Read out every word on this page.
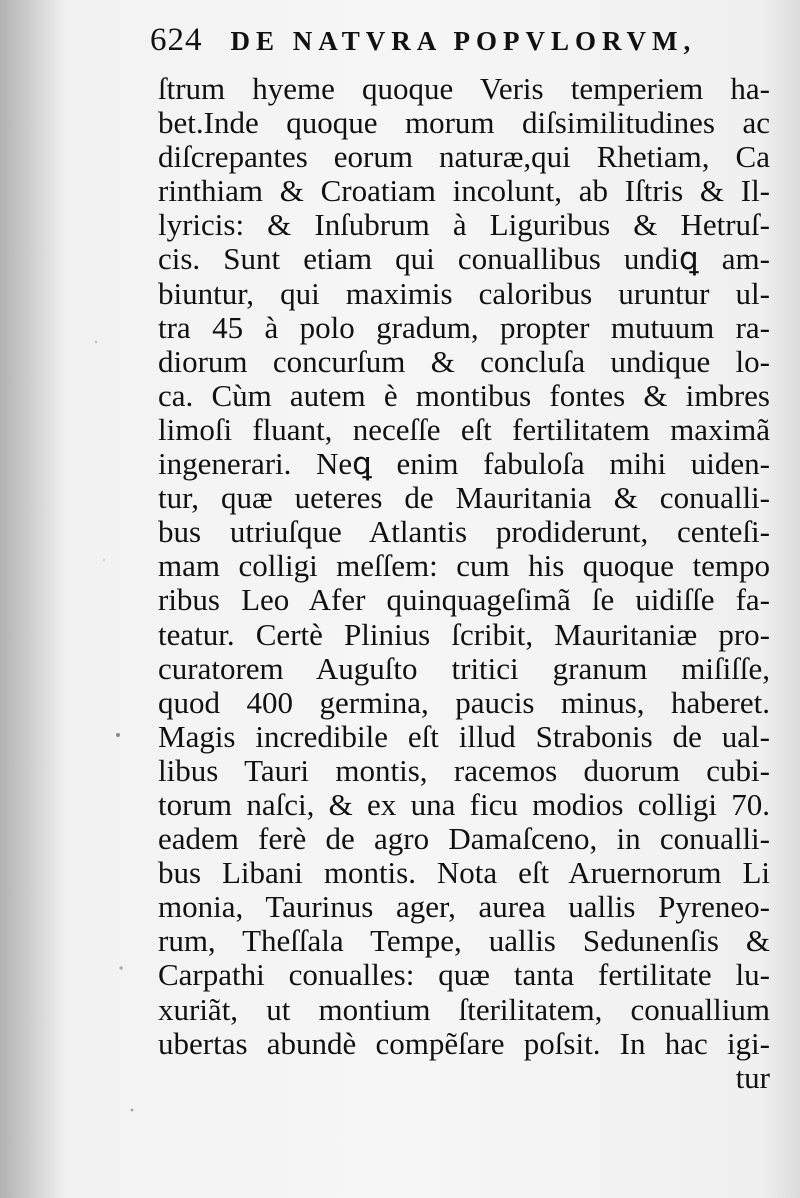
624 DE NATVRA POPVLORVM,
ſtrum hyeme quoque Veris temperiem ha-
bet.Inde quoque morum diſsimilitudines ac
diſcrepantes eorum naturæ,qui Rhetiam, Ca
rinthiam & Croatiam incolunt, ab Iſtris & Il-
lyricis: & Inſubrum à Liguribus & Hetruſ-
cis. Sunt etiam qui conuallibus undiꝗ am-
biuntur, qui maximis caloribus uruntur ul-
tra 45 à polo gradum, propter mutuum ra-
diorum concurſum & concluſa undique lo-
ca. Cùm autem è montibus fontes & imbres
limoſi fluant, neceſſe eſt fertilitatem maximã
ingenerari. Neꝗ enim fabuloſa mihi uiden-
tur, quæ ueteres de Mauritania & conualli-
bus utriuſque Atlantis prodiderunt, centeſi-
mam colligi meſſem: cum his quoque tempo
ribus Leo Afer quinquageſimã ſe uidiſſe fa-
teatur. Certè Plinius ſcribit, Mauritaniæ pro-
curatorem Auguſto tritici granum miſiſſe,
quod 400 germina, paucis minus, haberet.
Magis incredibile eſt illud Strabonis de ual-
libus Tauri montis, racemos duorum cubi-
torum naſci, & ex una ficu modios colligi 70.
eadem ferè de agro Damaſceno, in conualli-
bus Libani montis. Nota eſt Aruernorum Li
monia, Taurinus ager, aurea uallis Pyreneo-
rum, Theſſala Tempe, uallis Sedunenſis &
Carpathi conualles: quæ tanta fertilitate lu-
xuriãt, ut montium ſterilitatem, conuallium
ubertas abundè compẽſare poſsit. In hac igi-
tur
